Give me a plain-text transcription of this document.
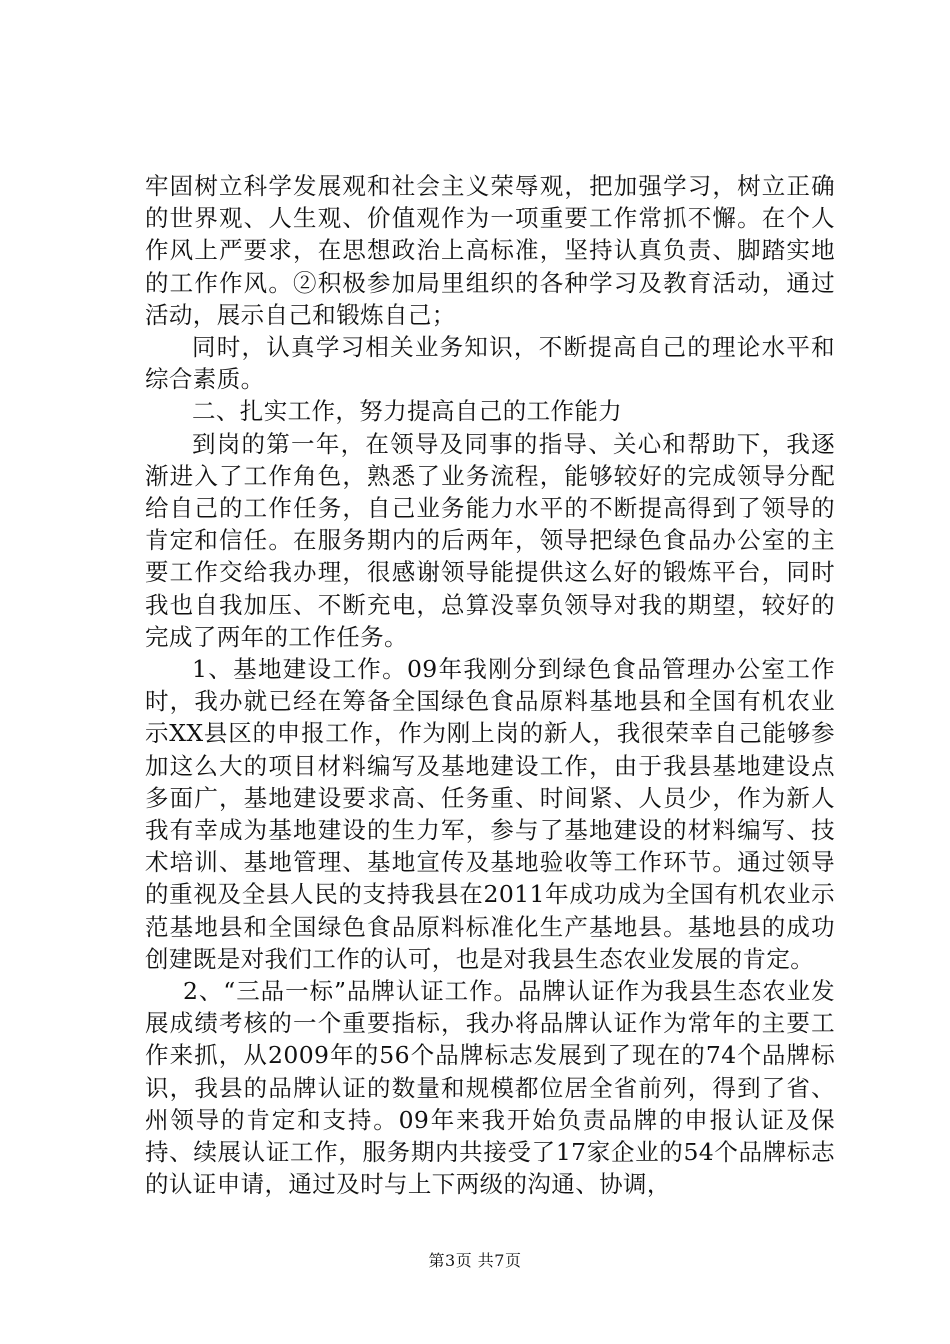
牢固树立科学发展观和社会主义荣辱观，把加强学习，树立正确的世界观、人生观、价值观作为一项重要工作常抓不懈。在个人作风上严要求，在思想政治上高标准，坚持认真负责、脚踏实地的工作作风。②积极参加局里组织的各种学习及教育活动，通过活动，展示自己和锻炼自己；

同时，认真学习相关业务知识，不断提高自己的理论水平和综合素质。

二、扎实工作，努力提高自己的工作能力

到岗的第一年，在领导及同事的指导、关心和帮助下，我逐渐进入了工作角色，熟悉了业务流程，能够较好的完成领导分配给自己的工作任务，自己业务能力水平的不断提高得到了领导的肯定和信任。在服务期内的后两年，领导把绿色食品办公室的主要工作交给我办理，很感谢领导能提供这么好的锻炼平台，同时我也自我加压、不断充电，总算没辜负领导对我的期望，较好的完成了两年的工作任务。

1、基地建设工作。09年我刚分到绿色食品管理办公室工作时，我办就已经在筹备全国绿色食品原料基地县和全国有机农业示XX县区的申报工作，作为刚上岗的新人，我很荣幸自己能够参加这么大的项目材料编写及基地建设工作，由于我县基地建设点多面广，基地建设要求高、任务重、时间紧、人员少，作为新人我有幸成为基地建设的生力军，参与了基地建设的材料编写、技术培训、基地管理、基地宣传及基地验收等工作环节。通过领导的重视及全县人民的支持我县在2011年成功成为全国有机农业示范基地县和全国绿色食品原料标准化生产基地县。基地县的成功创建既是对我们工作的认可，也是对我县生态农业发展的肯定。

2、“三品一标”品牌认证工作。品牌认证作为我县生态农业发展成绩考核的一个重要指标，我办将品牌认证作为常年的主要工作来抓，从2009年的56个品牌标志发展到了现在的74个品牌标识，我县的品牌认证的数量和规模都位居全省前列，得到了省、州领导的肯定和支持。09年来我开始负责品牌的申报认证及保持、续展认证工作，服务期内共接受了17家企业的54个品牌标志的认证申请，通过及时与上下两级的沟通、协调，

第3页 共7页
